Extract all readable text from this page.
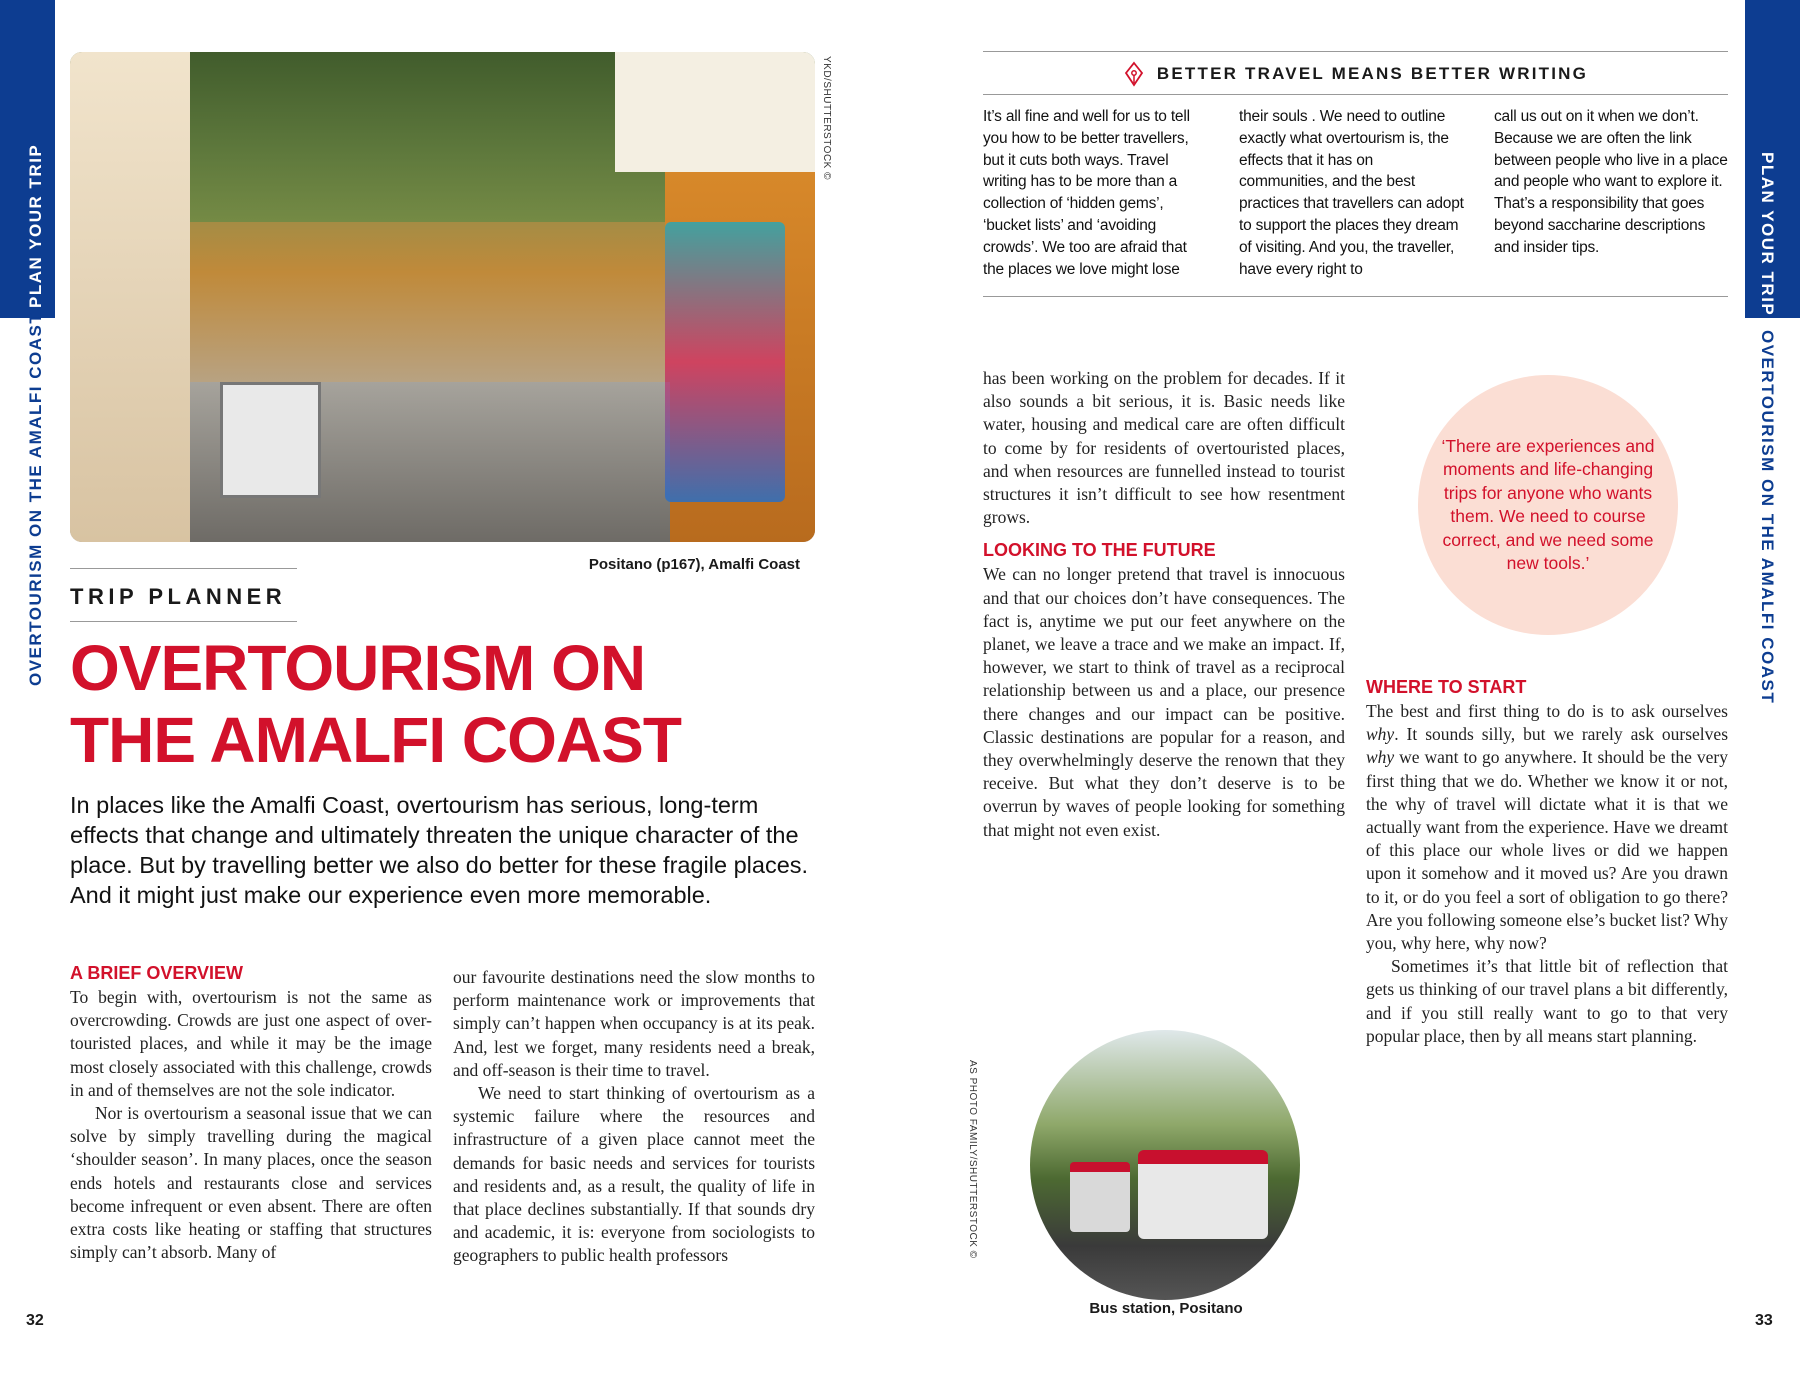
PLAN YOUR TRIP
OVERTOURISM ON THE AMALFI COAST
PLAN YOUR TRIP
OVERTOURISM ON THE AMALFI COAST
YKD/SHUTTERSTOCK ©
Positano (p167), Amalfi Coast
TRIP PLANNER
OVERTOURISM ON
THE AMALFI COAST
In places like the Amalfi Coast, overtourism has serious, long-term effects that change and ultimately threaten the unique character of the place. But by travelling better we also do better for these fragile places. And it might just make our experience even more memorable.
A BRIEF OVERVIEW

To begin with, overtourism is not the same as overcrowding. Crowds are just one aspect of over-touristed places, and while it may be the image most closely associated with this challenge, crowds in and of themselves are not the sole indicator.

Nor is overtourism a seasonal issue that we can solve by simply travelling during the magical ‘shoulder season’. In many places, once the season ends hotels and restaurants close and services become infrequent or even absent. There are often extra costs like heating or staffing that structures simply can’t absorb. Many of

our favourite destinations need the slow months to perform maintenance work or improvements that simply can’t happen when occupancy is at its peak. And, lest we forget, many residents need a break, and off-season is their time to travel.

We need to start thinking of overtourism as a systemic failure where the resources and infrastructure of a given place cannot meet the demands for basic needs and services for tourists and residents and, as a result, the quality of life in that place declines substantially. If that sounds dry and academic, it is: everyone from sociologists to geographers to public health professors

32	33
BETTER TRAVEL MEANS BETTER WRITING
It’s all fine and well for us to tell you how to be better travellers, but it cuts both ways. Travel writing has to be more than a collection of ‘hidden gems’, ‘bucket lists’ and ‘avoiding crowds’. We too are afraid that the places we love might lose
their souls . We need to outline exactly what overtourism is, the effects that it has on communities, and the best practices that travellers can adopt to support the places they dream of visiting. And you, the traveller, have every right to
call us out on it when we don’t. Because we are often the link between people who live in a place and people who want to explore it. That’s a responsibility that goes beyond saccharine descriptions and insider tips.

has been working on the problem for decades. If it also sounds a bit serious, it is. Basic needs like water, housing and medical care are often difficult to come by for residents of overtouristed places, and when resources are funnelled instead to tourist structures it isn’t difficult to see how resentment grows.

LOOKING TO THE FUTURE

We can no longer pretend that travel is innocuous and that our choices don’t have consequences. The fact is, anytime we put our feet anywhere on the planet, we leave a trace and we make an impact. If, however, we start to think of travel as a reciprocal relationship between us and a place, our presence there changes and our impact can be positive. Classic destinations are popular for a reason, and they overwhelmingly deserve the renown that they receive. But what they don’t deserve is to be overrun by waves of people looking for something that might not even exist.

‘There are experiences and moments and life-changing trips for anyone who wants them. We need to course correct, and we need some new tools.’
WHERE TO START

The best and first thing to do is to ask ourselves why. It sounds silly, but we rarely ask ourselves why we want to go anywhere. It should be the very first thing that we do. Whether we know it or not, the why of travel will dictate what it is that we actually want from the experience. Have we dreamt of this place our whole lives or did we happen upon it somehow and it moved us? Are you drawn to it, or do you feel a sort of obligation to go there? Are you following someone else’s bucket list? Why you, why here, why now?

Sometimes it’s that little bit of reflection that gets us thinking of our travel plans a bit differently, and if you still really want to go to that very popular place, then by all means start planning.

AS PHOTO FAMILY/SHUTTERSTOCK ©
Bus station, Positano
